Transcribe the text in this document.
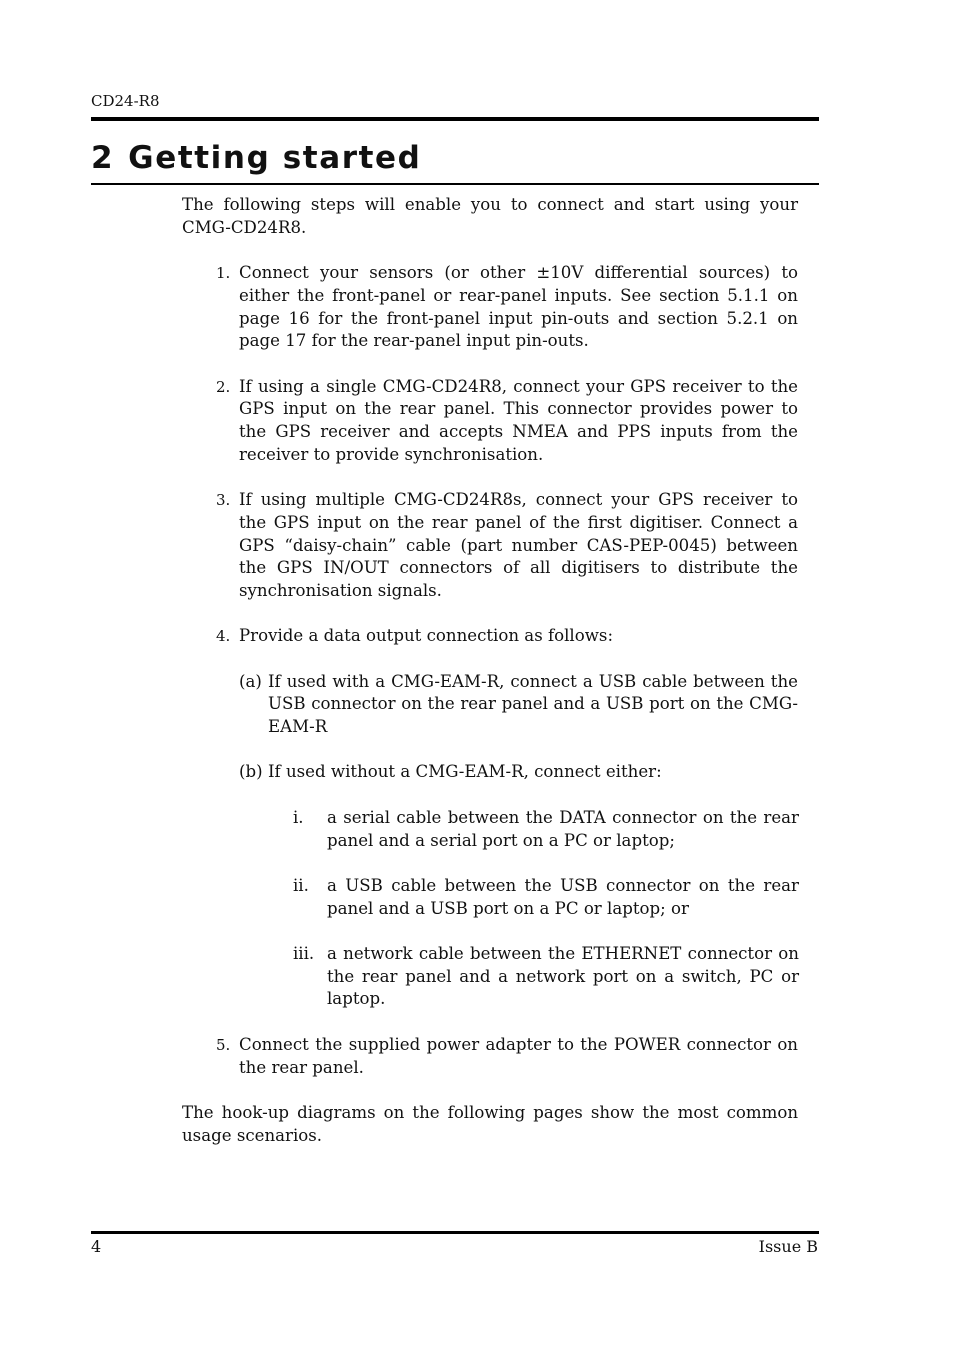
CD24-R8
2 Getting started

The following steps will enable you to connect and start using your CMG-CD24R8.

1. Connect your sensors (or other ±10V differential sources) to either the front-panel or rear-panel inputs. See section 5.1.1 on page 16 for the front-panel input pin-outs and section 5.2.1 on page 17 for the rear-panel input pin-outs.
2. If using a single CMG-CD24R8, connect your GPS receiver to the GPS input on the rear panel. This connector provides power to the GPS receiver and accepts NMEA and PPS inputs from the receiver to provide synchronisation.
3. If using multiple CMG-CD24R8s, connect your GPS receiver to the GPS input on the rear panel of the first digitiser. Connect a GPS “daisy-chain” cable (part number CAS-PEP-0045) between the GPS IN/OUT connectors of all digitisers to distribute the synchronisation signals.
4. Provide a data output connection as follows:
(a) If used with a CMG-EAM-R, connect a USB cable between the USB connector on the rear panel and a USB port on the CMG-EAM-R
(b) If used without a CMG-EAM-R, connect either:
i. a serial cable between the DATA connector on the rear panel and a serial port on a PC or laptop;
ii. a USB cable between the USB connector on the rear panel and a USB port on a PC or laptop; or
iii. a network cable between the ETHERNET connector on the rear panel and a network port on a switch, PC or laptop.
5. Connect the supplied power adapter to the POWER connector on the rear panel.

The hook-up diagrams on the following pages show the most common usage scenarios.

4	Issue B
